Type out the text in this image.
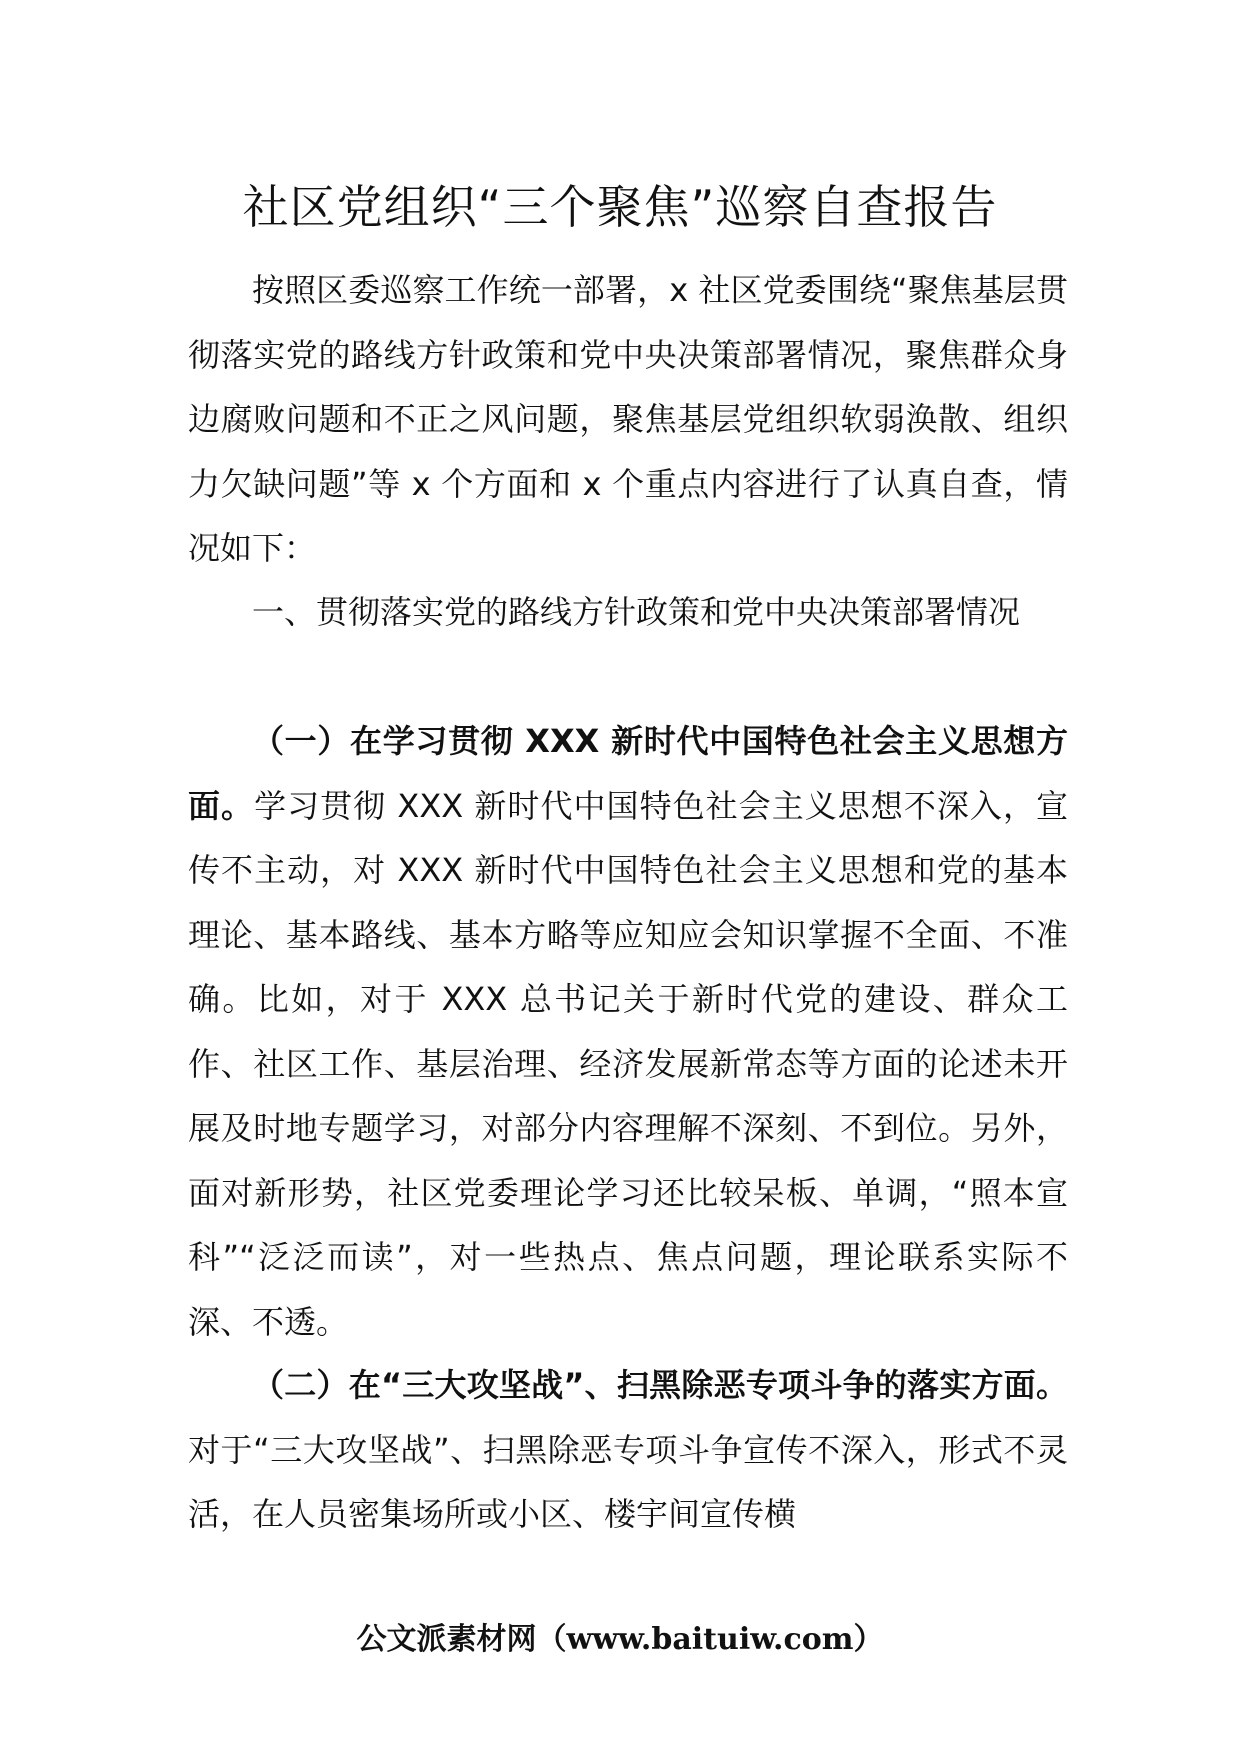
社区党组织“三个聚焦”巡察自查报告
按照区委巡察工作统一部署，x 社区党委围绕“聚焦基层贯彻落实党的路线方针政策和党中央决策部署情况，聚焦群众身边腐败问题和不正之风问题，聚焦基层党组织软弱涣散、组织力欠缺问题”等 x 个方面和 x 个重点内容进行了认真自查，情况如下：
一、贯彻落实党的路线方针政策和党中央决策部署情况
（一）在学习贯彻 XXX 新时代中国特色社会主义思想方面。学习贯彻 XXX 新时代中国特色社会主义思想不深入，宣传不主动，对 XXX 新时代中国特色社会主义思想和党的基本理论、基本路线、基本方略等应知应会知识掌握不全面、不准确。比如，对于 XXX 总书记关于新时代党的建设、群众工作、社区工作、基层治理、经济发展新常态等方面的论述未开展及时地专题学习，对部分内容理解不深刻、不到位。另外，面对新形势，社区党委理论学习还比较呆板、单调，“照本宣科”“泛泛而读”，对一些热点、焦点问题，理论联系实际不深、不透。
（二）在“三大攻坚战”、扫黑除恶专项斗争的落实方面。对于“三大攻坚战”、扫黑除恶专项斗争宣传不深入，形式不灵活，在人员密集场所或小区、楼宇间宣传横
公文派素材网（www.baituiw.com）
